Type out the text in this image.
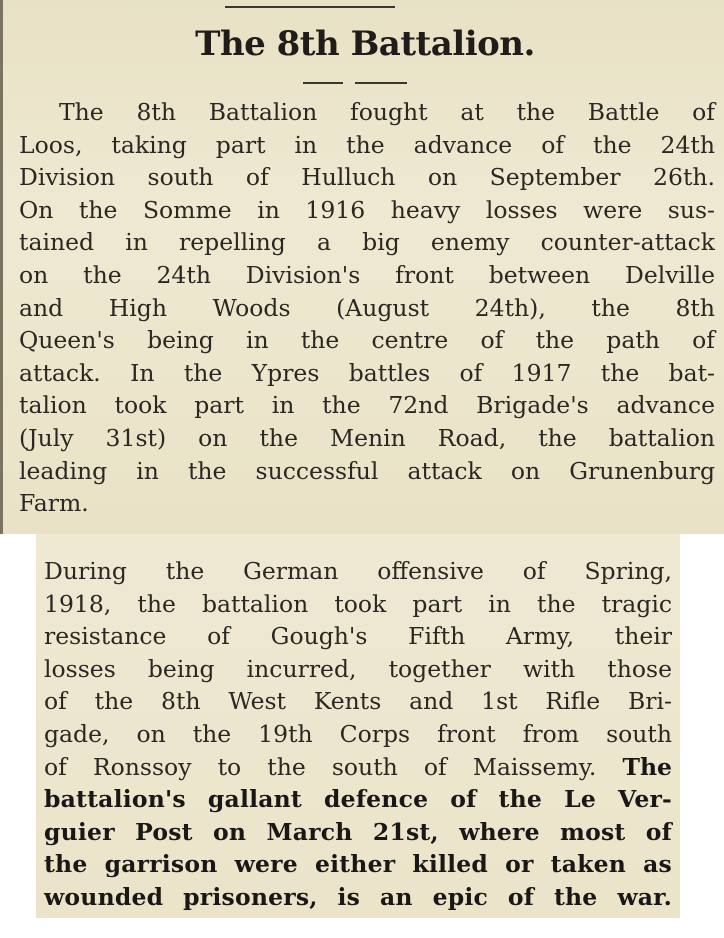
The 8th Battalion.

The 8th Battalion fought at the Battle of
Loos, taking part in the advance of the 24th
Division south of Hulluch on September 26th.
On the Somme in 1916 heavy losses were sus-
tained in repelling a big enemy counter-attack
on the 24th Division's front between Delville
and High Woods (August 24th), the 8th
Queen's being in the centre of the path of
attack. In the Ypres battles of 1917 the bat-
talion took part in the 72nd Brigade's advance
(July 31st) on the Menin Road, the battalion
leading in the successful attack on Grunenburg
Farm.

During the German offensive of Spring,
1918, the battalion took part in the tragic
resistance of Gough's Fifth Army, their
losses being incurred, together with those
of the 8th West Kents and 1st Rifle Bri-
gade, on the 19th Corps front from south
of Ronssoy to the south of Maissemy. The
battalion's gallant defence of the Le Ver-
guier Post on March 21st, where most of
the garrison were either killed or taken as
wounded prisoners, is an epic of the war.
